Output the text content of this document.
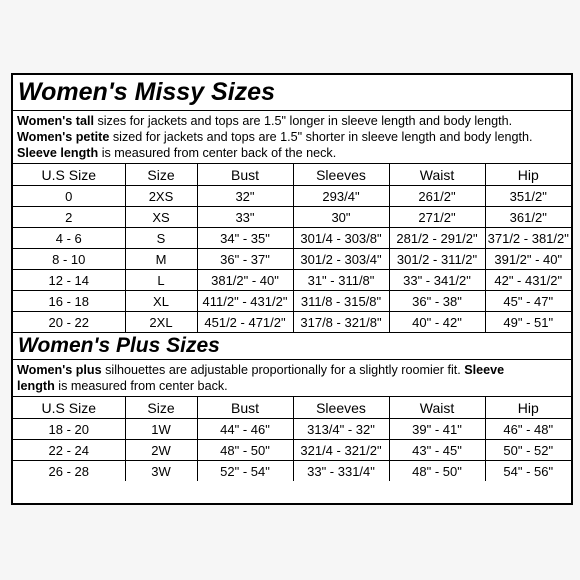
Women's Missy Sizes
Women's tall sizes for jackets and tops are 1.5" longer in sleeve length and body length.
Women's petite sized for jackets and tops are 1.5" shorter in sleeve length and body length.
Sleeve length is measured from center back of the neck.
U.S Size	Size	Bust	Sleeves	Waist	Hip
0	2XS	32"	293/4"	261/2"	351/2"
2	XS	33"	30"	271/2"	361/2"
4 - 6	S	34" - 35"	301/4 - 303/8"	281/2 - 291/2"	371/2 - 381/2"
8 - 10	M	36" - 37"	301/2 - 303/4"	301/2 - 311/2"	391/2" - 40"
12 - 14	L	381/2" - 40"	31" - 311/8"	33" - 341/2"	42" - 431/2"
16 - 18	XL	411/2" - 431/2"	311/8 - 315/8"	36" - 38"	45" - 47"
20 - 22	2XL	451/2 - 471/2"	317/8 - 321/8"	40" - 42"	49" - 51"
Women's Plus Sizes
Women's plus silhouettes are adjustable proportionally for a slightly roomier fit. Sleeve
length is measured from center back.
U.S Size	Size	Bust	Sleeves	Waist	Hip
18 - 20	1W	44" - 46"	313/4" - 32"	39" - 41"	46" - 48"
22 - 24	2W	48" - 50"	321/4 - 321/2"	43" - 45"	50" - 52"
26 - 28	3W	52" - 54"	33" - 331/4"	48" - 50"	54" - 56"
